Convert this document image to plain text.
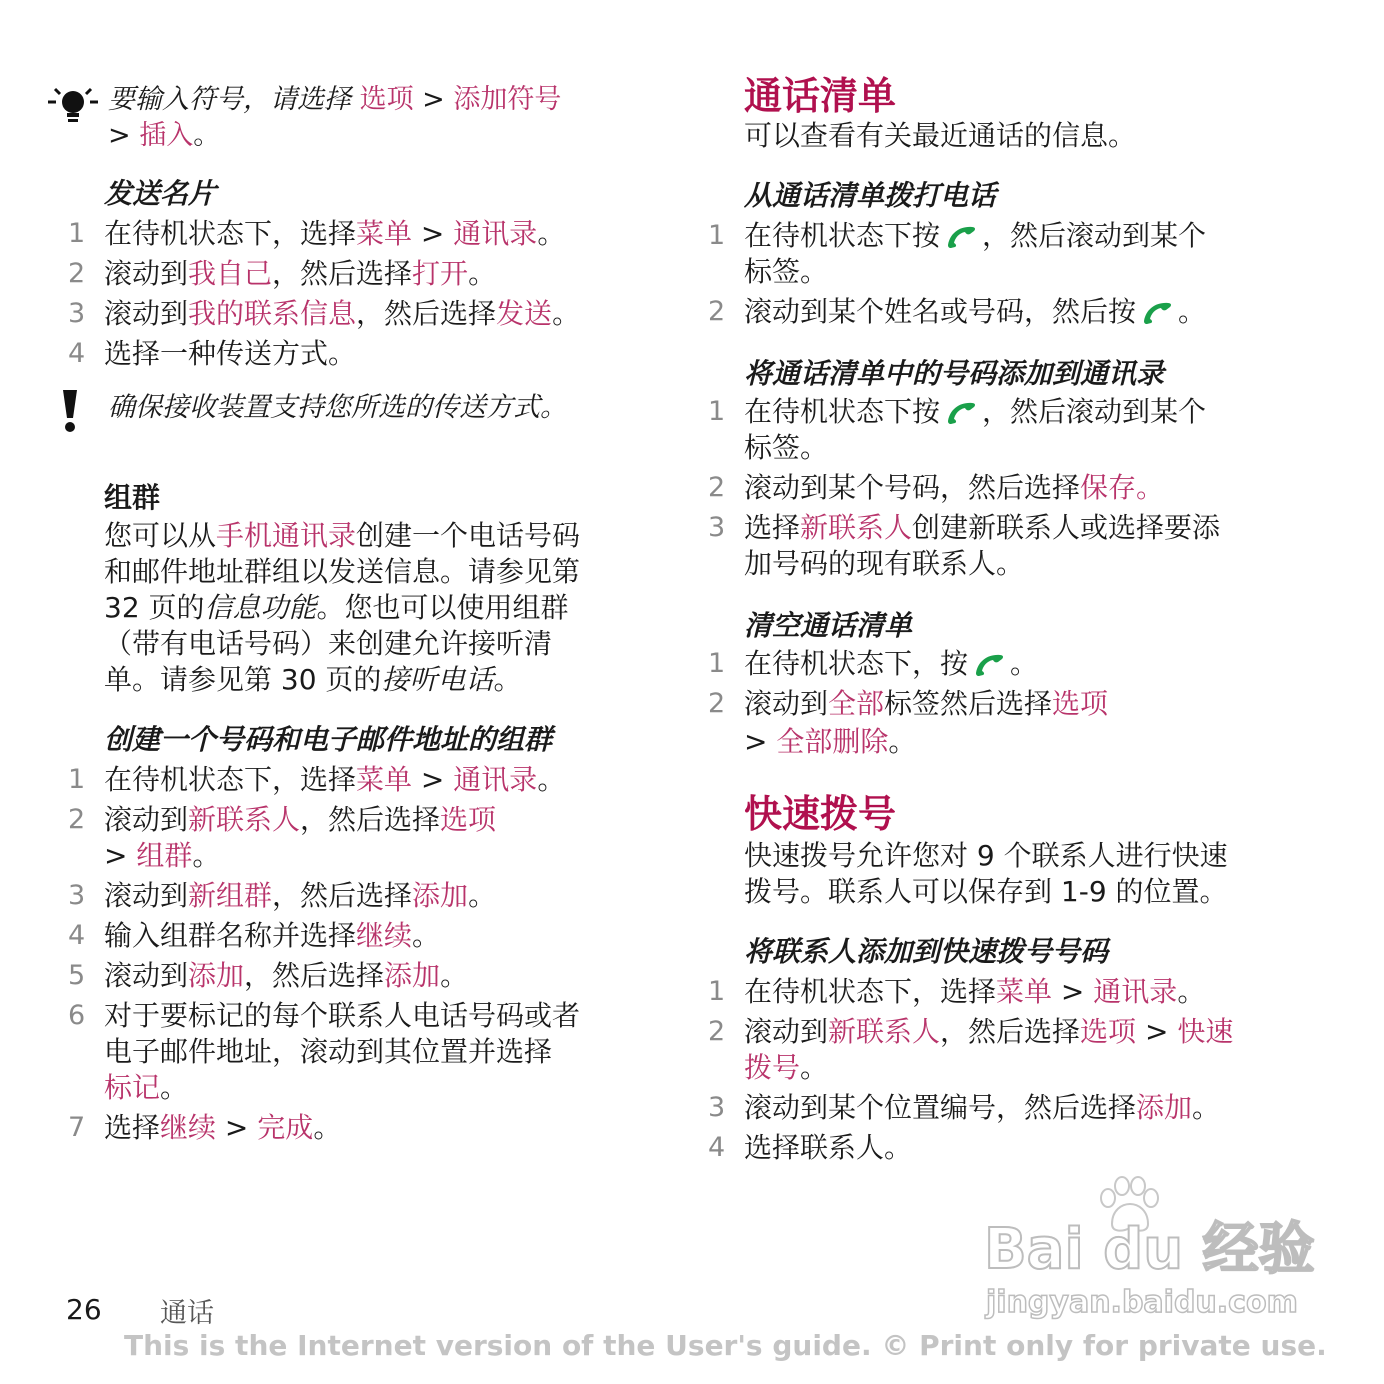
要输入符号，请选择 选项 > 添加符号
> 插入。
发送名片
1 在待机状态下，选择菜单 > 通讯录。
2 滚动到我自己，然后选择打开。
3 滚动到我的联系信息，然后选择发送。
4 选择一种传送方式。
确保接收装置支持您所选的传送方式。
组群
您可以从手机通讯录创建一个电话号码
和邮件地址群组以发送信息。请参见第
32 页的信息功能。您也可以使用组群
（带有电话号码）来创建允许接听清
单。请参见第 30 页的接听电话。
创建一个号码和电子邮件地址的组群
1 在待机状态下，选择菜单 > 通讯录。
2 滚动到新联系人，然后选择选项
> 组群。
3 滚动到新组群，然后选择添加。
4 输入组群名称并选择继续。
5 滚动到添加，然后选择添加。
6 对于要标记的每个联系人电话号码或者
电子邮件地址，滚动到其位置并选择
标记。
7 选择继续 > 完成。
通话清单
可以查看有关最近通话的信息。
从通话清单拨打电话
1 在待机状态下按 ，然后滚动到某个
标签。
2 滚动到某个姓名或号码，然后按 。
将通话清单中的号码添加到通讯录
1 在待机状态下按 ，然后滚动到某个
标签。
2 滚动到某个号码，然后选择保存。
3 选择新联系人创建新联系人或选择要添
加号码的现有联系人。
清空通话清单
1 在待机状态下，按 。
2 滚动到全部标签然后选择选项
> 全部删除。
快速拨号
快速拨号允许您对 9 个联系人进行快速
拨号。联系人可以保存到 1-9 的位置。
将联系人添加到快速拨号号码
1 在待机状态下，选择菜单 > 通讯录。
2 滚动到新联系人，然后选择选项 > 快速
拨号。
3 滚动到某个位置编号，然后选择添加。
4 选择联系人。
Bai du 经验
jingyan.baidu.com
26 通话
This is the Internet version of the User's guide. © Print only for private use.
